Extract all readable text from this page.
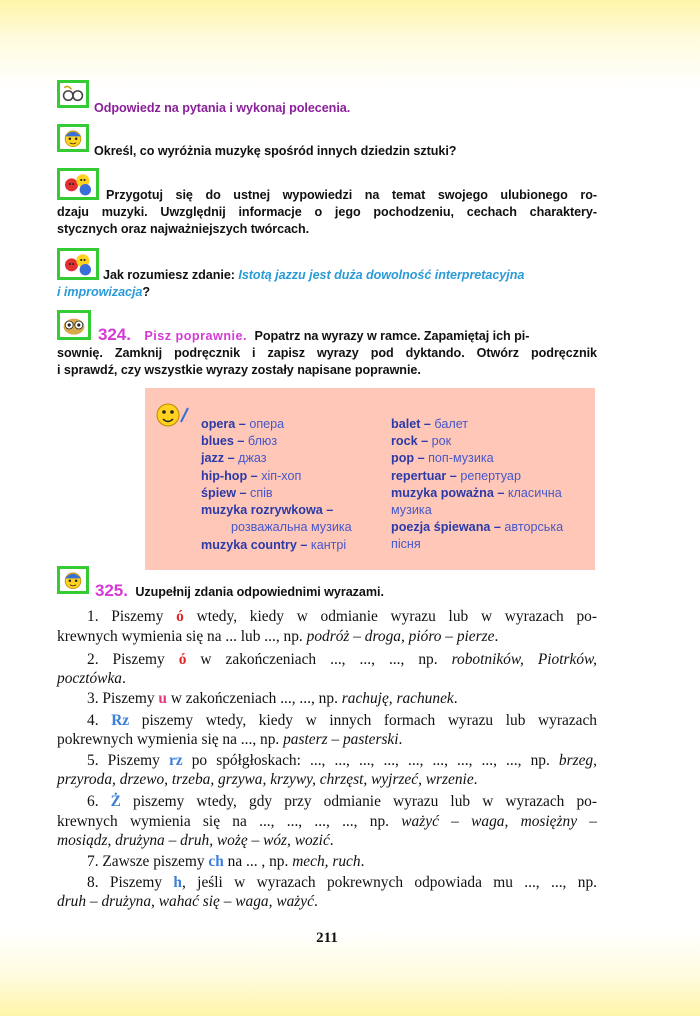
Odpowiedz na pytania i wykonaj polecenia.
Określ, co wyróżnia muzykę spośród innych dziedzin sztuki?
Przygotuj się do ustnej wypowiedzi na temat swojego ulubionego ro-
dzaju muzyki. Uwzględnij informacje o jego pochodzeniu, cechach charaktery-
stycznych oraz najważniejszych twórcach.
Jak rozumiesz zdanie: Istotą jazzu jest duża dowolność interpretacyjna
i improwizacja?
324. Pisz poprawnie. Popatrz na wyrazy w ramce. Zapamiętaj ich pi-
sownię. Zamknij podręcznik i zapisz wyrazy pod dyktando. Otwórz podręcznik
i sprawdź, czy wszystkie wyrazy zostały napisane poprawnie.
opera – опера
blues – блюз
jazz – джаз
hip-hop – хіп-хоп
śpiew – спів
muzyka rozrywkowa –
розважальна музика
muzyka country – кантрі
balet – балет
rock – рок
pop – поп-музика
repertuar – репертуар
muzyka poważna – класична музика
poezja śpiewana – авторська пісня
325. Uzupełnij zdania odpowiednimi wyrazami.
1. Piszemy ó wtedy, kiedy w odmianie wyrazu lub w wyrazach po-
krewnych wymienia się na ... lub ..., np. podróż – droga, pióro – pierze.
2. Piszemy ó w zakończeniach ..., ..., ..., np. robotników, Piotrków,
pocztówka.
3. Piszemy u w zakończeniach ..., ..., np. rachuję, rachunek.
4. Rz piszemy wtedy, kiedy w innych formach wyrazu lub wyrazach
pokrewnych wymienia się na ..., np. pasterz – pasterski.
5. Piszemy rz po spółgłoskach: ..., ..., ..., ..., ..., ..., ..., ..., ..., np. brzeg,
przyroda, drzewo, trzeba, grzywa, krzywy, chrzęst, wyjrzeć, wrzenie.
6. Ż piszemy wtedy, gdy przy odmianie wyrazu lub w wyrazach po-
krewnych wymienia się na ..., ..., ..., ..., np. ważyć – waga, mosiężny –
mosiądz, drużyna – druh, wożę – wóz, wozić.
7. Zawsze piszemy ch na ... , np. mech, ruch.
8. Piszemy h, jeśli w wyrazach pokrewnych odpowiada mu ..., ..., np.
druh – drużyna, wahać się – waga, ważyć.
211
